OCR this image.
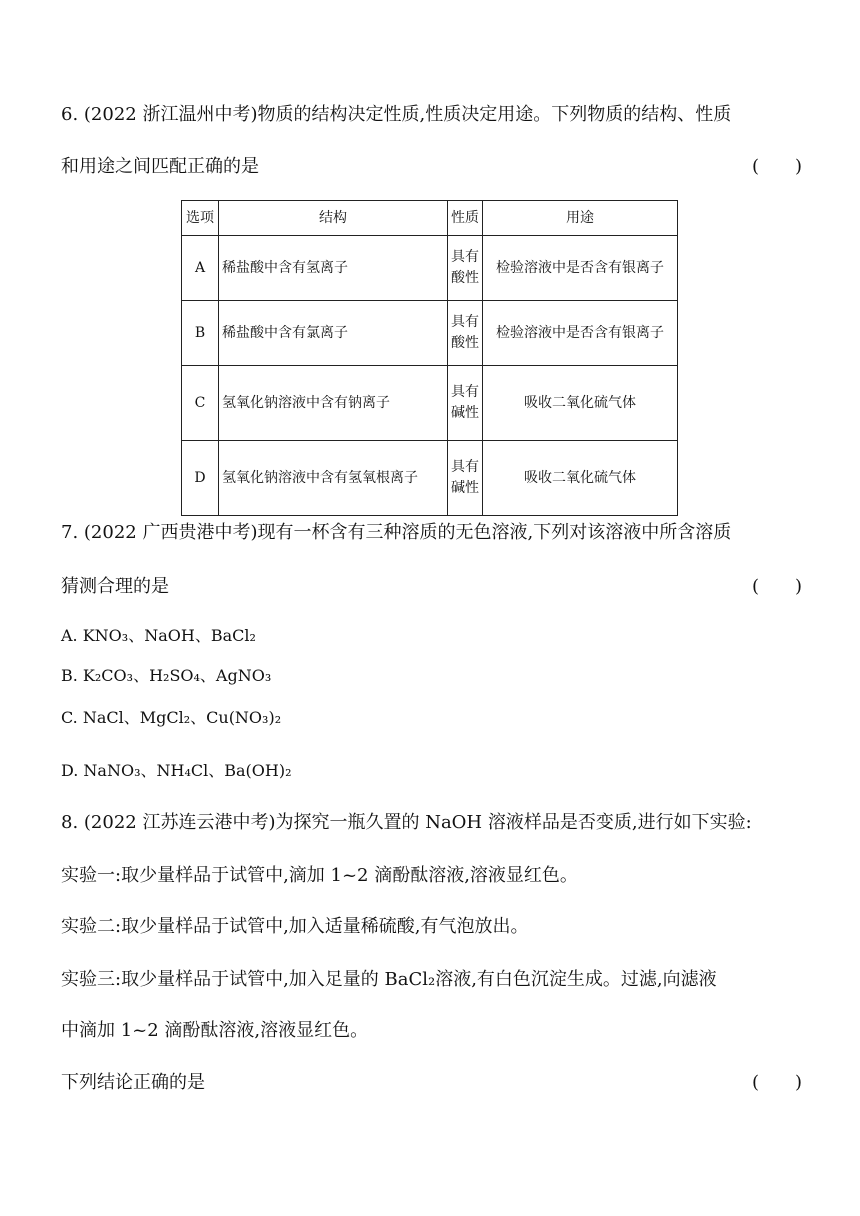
6. (2022 浙江温州中考)物质的结构决定性质,性质决定用途。下列物质的结构、性质
和用途之间匹配正确的是	(　　)
选项	结构	性质	用途
A	稀盐酸中含有氢离子	具有酸性	检验溶液中是否含有银离子
B	稀盐酸中含有氯离子	具有酸性	检验溶液中是否含有银离子
C	氢氧化钠溶液中含有钠离子	具有碱性	吸收二氧化硫气体
D	氢氧化钠溶液中含有氢氧根离子	具有碱性	吸收二氧化硫气体
7. (2022 广西贵港中考)现有一杯含有三种溶质的无色溶液,下列对该溶液中所含溶质
猜测合理的是	(　　)
A. KNO₃、NaOH、BaCl₂
B. K₂CO₃、H₂SO₄、AgNO₃
C. NaCl、MgCl₂、Cu(NO₃)₂
D. NaNO₃、NH₄Cl、Ba(OH)₂
8. (2022 江苏连云港中考)为探究一瓶久置的 NaOH 溶液样品是否变质,进行如下实验:
实验一:取少量样品于试管中,滴加 1~2 滴酚酞溶液,溶液显红色。
实验二:取少量样品于试管中,加入适量稀硫酸,有气泡放出。
实验三:取少量样品于试管中,加入足量的 BaCl₂溶液,有白色沉淀生成。过滤,向滤液
中滴加 1~2 滴酚酞溶液,溶液显红色。
下列结论正确的是	(　　)
